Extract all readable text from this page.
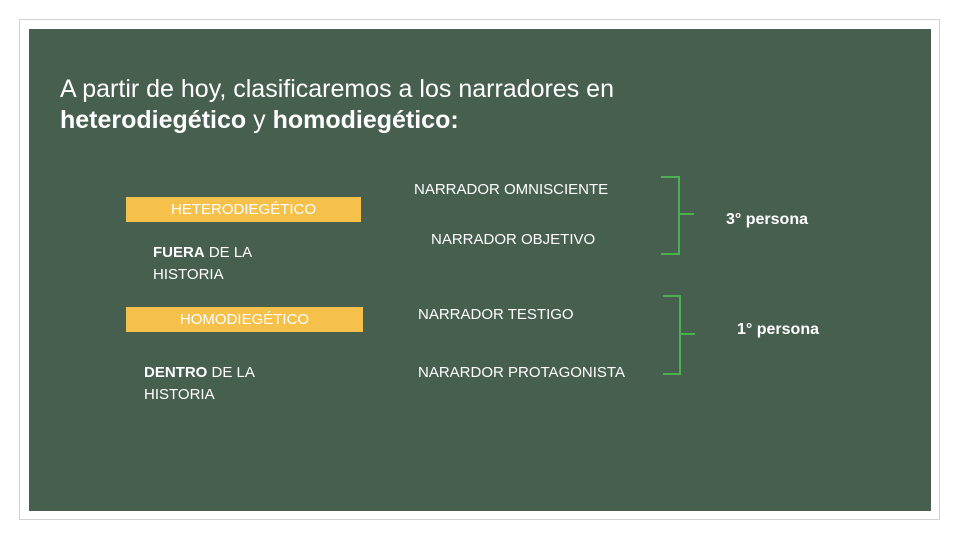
A partir de hoy, clasificaremos a los narradores en
heterodiegético y homodiegético:
HETERODIEGÉTICO
FUERA DE LA
HISTORIA
HOMODIEGÉTICO
DENTRO DE LA
HISTORIA
NARRADOR OMNISCIENTE
NARRADOR OBJETIVO
NARRADOR TESTIGO
NARARDOR PROTAGONISTA
3° persona
1° persona
